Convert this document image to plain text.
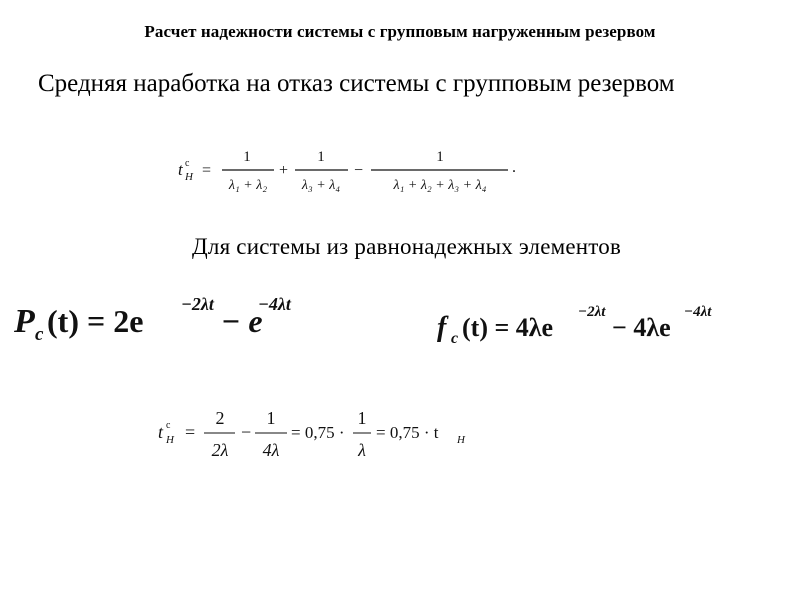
Расчет надежности системы с групповым нагруженным резервом
Средняя наработка на отказ системы с групповым резервом
t c
H =
1
λ₁ + λ₂
+
1
λ₃ + λ₄
−
1
λ₁ + λ₂ + λ₃ + λ₄
.
Для системы из равнонадежных элементов
P c (t) = 2e −2λt − e
−4λt
f c (t) = 4λe
−2λt
− 4λe
−4λt
t c
H =
2
2λ
−
1
4λ
= 0,75 ·
1
λ
= 0,75 · t H
